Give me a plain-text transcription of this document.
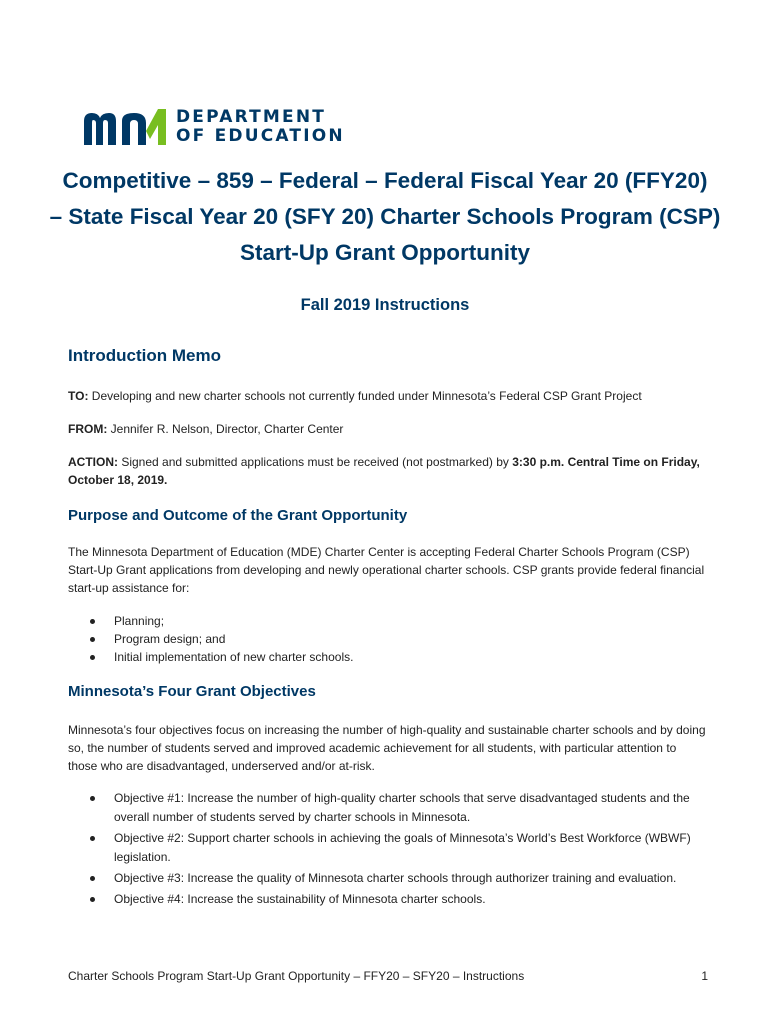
DEPARTMENT
OF EDUCATION
Competitive – 859 – Federal – Federal Fiscal Year 20 (FFY20)
– State Fiscal Year 20 (SFY 20) Charter Schools Program (CSP)
Start-Up Grant Opportunity
Fall 2019 Instructions
Introduction Memo

TO: Developing and new charter schools not currently funded under Minnesota’s Federal CSP Grant Project

FROM: Jennifer R. Nelson, Director, Charter Center

ACTION: Signed and submitted applications must be received (not postmarked) by 3:30 p.m. Central Time on Friday, October 18, 2019.

Purpose and Outcome of the Grant Opportunity

The Minnesota Department of Education (MDE) Charter Center is accepting Federal Charter Schools Program (CSP) Start-Up Grant applications from developing and newly operational charter schools. CSP grants provide federal financial start-up assistance for:

Planning;
Program design; and
Initial implementation of new charter schools.
Minnesota’s Four Grant Objectives

Minnesota’s four objectives focus on increasing the number of high-quality and sustainable charter schools and by doing so, the number of students served and improved academic achievement for all students, with particular attention to those who are disadvantaged, underserved and/or at-risk.

Objective #1: Increase the number of high-quality charter schools that serve disadvantaged students and the overall number of students served by charter schools in Minnesota.
Objective #2: Support charter schools in achieving the goals of Minnesota’s World’s Best Workforce (WBWF) legislation.
Objective #3: Increase the quality of Minnesota charter schools through authorizer training and evaluation.
Objective #4: Increase the sustainability of Minnesota charter schools.
Charter Schools Program Start-Up Grant Opportunity – FFY20 – SFY20 – Instructions	1
